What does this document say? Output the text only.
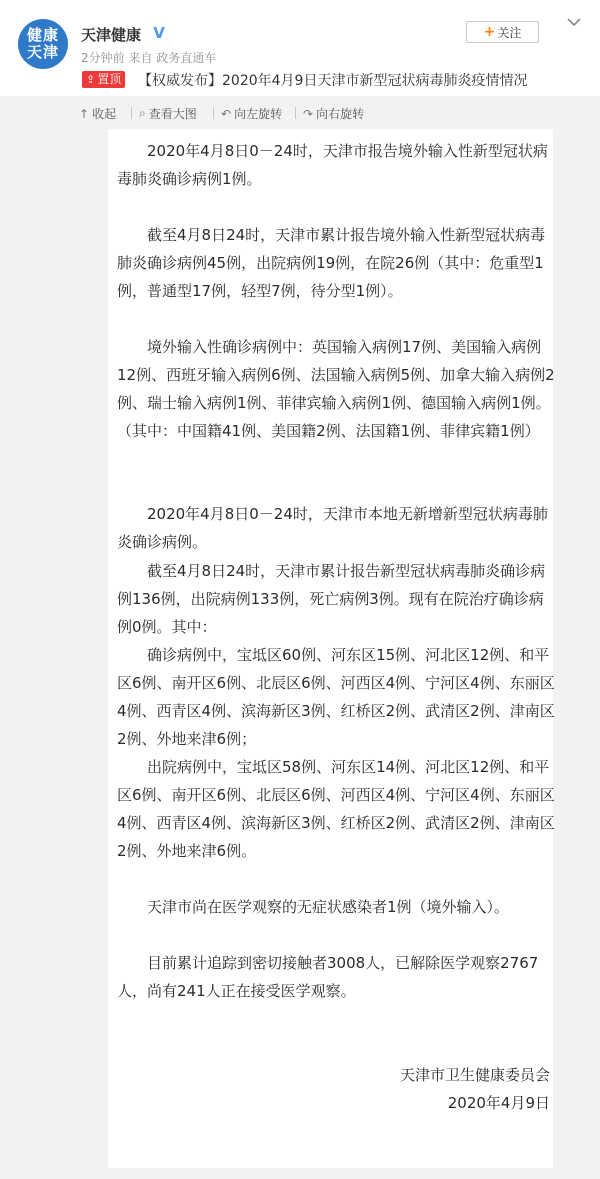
健康
天津
天津健康 V
2分钟前 来自 政务直通车
+ 关注
⇪ 置顶 【权威发布】2020年4月9日天津市新型冠状病毒肺炎疫情情况
↑ 收起 ⌕ 查看大图 ↶ 向左旋转 ↷ 向右旋转

2020年4月8日0－24时，天津市报告境外输入性新型冠状病毒肺炎确诊病例1例。

截至4月8日24时，天津市累计报告境外输入性新型冠状病毒肺炎确诊病例45例，出院病例19例，在院26例（其中：危重型1例，普通型17例，轻型7例，待分型1例）。

境外输入性确诊病例中：英国输入病例17例、美国输入病例12例、西班牙输入病例6例、法国输入病例5例、加拿大输入病例2例、瑞士输入病例1例、菲律宾输入病例1例、德国输入病例1例。（其中：中国籍41例、美国籍2例、法国籍1例、菲律宾籍1例）

2020年4月8日0－24时，天津市本地无新增新型冠状病毒肺炎确诊病例。

截至4月8日24时，天津市累计报告新型冠状病毒肺炎确诊病例136例，出院病例133例，死亡病例3例。现有在院治疗确诊病例0例。其中：

确诊病例中，宝坻区60例、河东区15例、河北区12例、和平区6例、南开区6例、北辰区6例、河西区4例、宁河区4例、东丽区4例、西青区4例、滨海新区3例、红桥区2例、武清区2例、津南区2例、外地来津6例；

出院病例中，宝坻区58例、河东区14例、河北区12例、和平区6例、南开区6例、北辰区6例、河西区4例、宁河区4例、东丽区4例、西青区4例、滨海新区3例、红桥区2例、武清区2例、津南区2例、外地来津6例。

天津市尚在医学观察的无症状感染者1例（境外输入）。

目前累计追踪到密切接触者3008人，已解除医学观察2767人，尚有241人正在接受医学观察。

天津市卫生健康委员会
2020年4月9日
